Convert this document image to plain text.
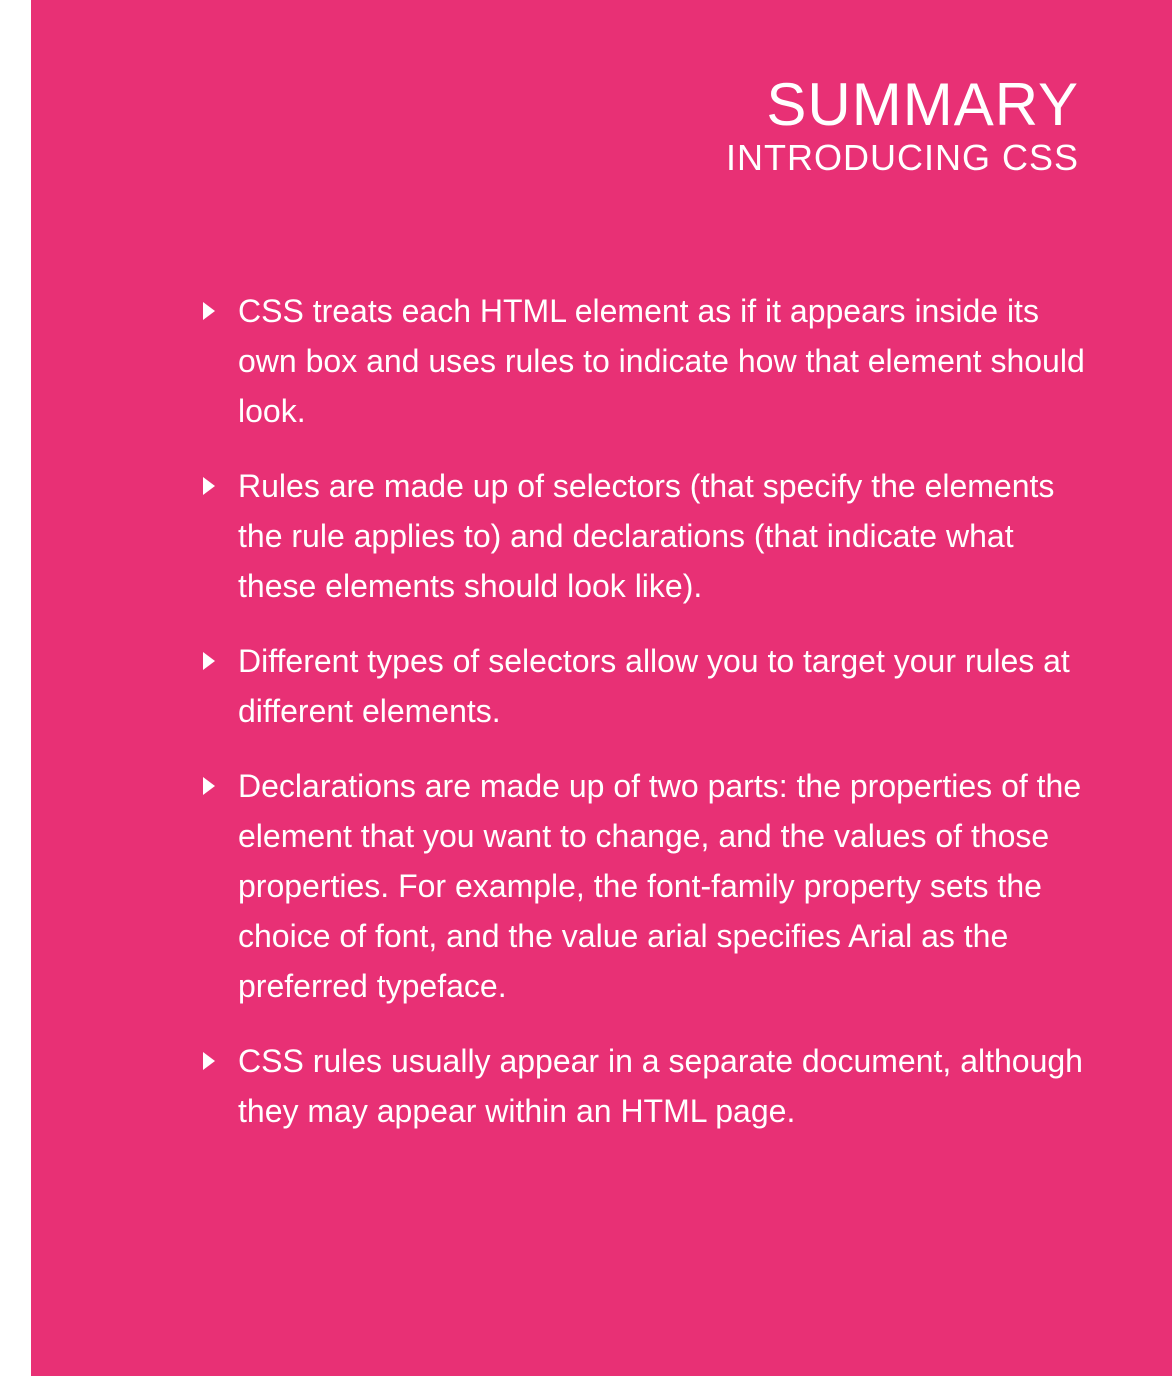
SUMMARY
INTRODUCING CSS
CSS treats each HTML element as if it appears inside its own box and uses rules to indicate how that element should look.
Rules are made up of selectors (that specify the elements the rule applies to) and declarations (that indicate what these elements should look like).
Different types of selectors allow you to target your rules at different elements.
Declarations are made up of two parts: the properties of the element that you want to change, and the values of those properties. For example, the font-family property sets the choice of font, and the value arial specifies Arial as the preferred typeface.
CSS rules usually appear in a separate document, although they may appear within an HTML page.
